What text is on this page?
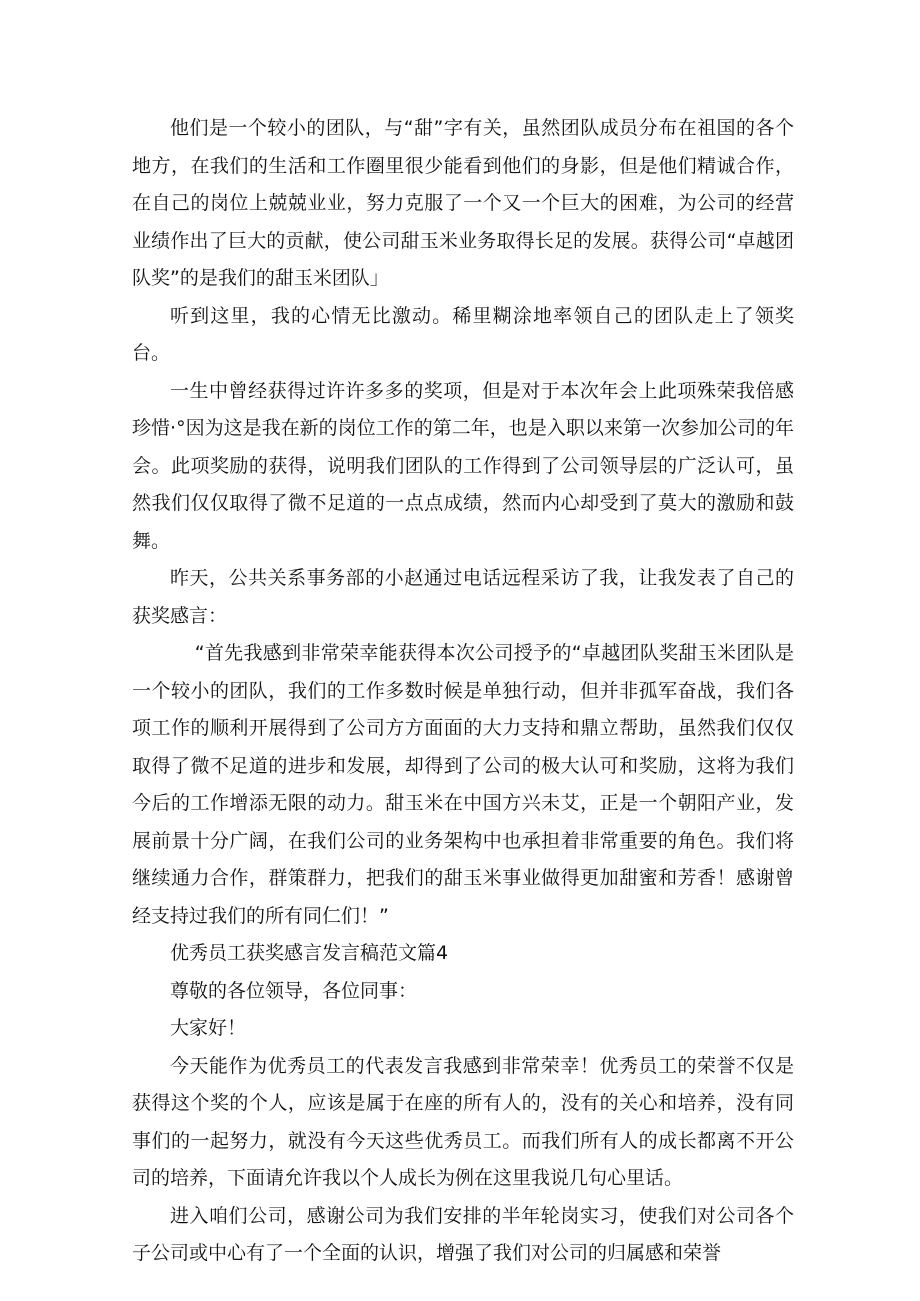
他们是一个较小的团队，与“甜”字有关，虽然团队成员分布在祖国的各个地方，在我们的生活和工作圈里很少能看到他们的身影，但是他们精诚合作，在自己的岗位上兢兢业业，努力克服了一个又一个巨大的困难，为公司的经营业绩作出了巨大的贡献，使公司甜玉米业务取得长足的发展。获得公司“卓越团队奖”的是我们的甜玉米团队」

听到这里，我的心情无比激动。稀里糊涂地率领自己的团队走上了领奖台。

一生中曾经获得过许许多多的奖项，但是对于本次年会上此项殊荣我倍感珍惜·°因为这是我在新的岗位工作的第二年，也是入职以来第一次参加公司的年会。此项奖励的获得，说明我们团队的工作得到了公司领导层的广泛认可，虽然我们仅仅取得了微不足道的一点点成绩，然而内心却受到了莫大的激励和鼓舞。

昨天，公共关系事务部的小赵通过电话远程采访了我，让我发表了自己的获奖感言：

“首先我感到非常荣幸能获得本次公司授予的“卓越团队奖甜玉米团队是一个较小的团队，我们的工作多数时候是单独行动，但并非孤军奋战，我们各项工作的顺利开展得到了公司方方面面的大力支持和鼎立帮助，虽然我们仅仅取得了微不足道的进步和发展，却得到了公司的极大认可和奖励，这将为我们今后的工作增添无限的动力。甜玉米在中国方兴未艾，正是一个朝阳产业，发展前景十分广阔，在我们公司的业务架构中也承担着非常重要的角色。我们将继续通力合作，群策群力，把我们的甜玉米事业做得更加甜蜜和芳香！感谢曾经支持过我们的所有同仁们！”

优秀员工获奖感言发言稿范文篇4

尊敬的各位领导，各位同事：

大家好！

今天能作为优秀员工的代表发言我感到非常荣幸！优秀员工的荣誉不仅是获得这个奖的个人，应该是属于在座的所有人的，没有的关心和培养，没有同事们的一起努力，就没有今天这些优秀员工。而我们所有人的成长都离不开公司的培养，下面请允许我以个人成长为例在这里我说几句心里话。

进入咱们公司，感谢公司为我们安排的半年轮岗实习，使我们对公司各个子公司或中心有了一个全面的认识，增强了我们对公司的归属感和荣誉
